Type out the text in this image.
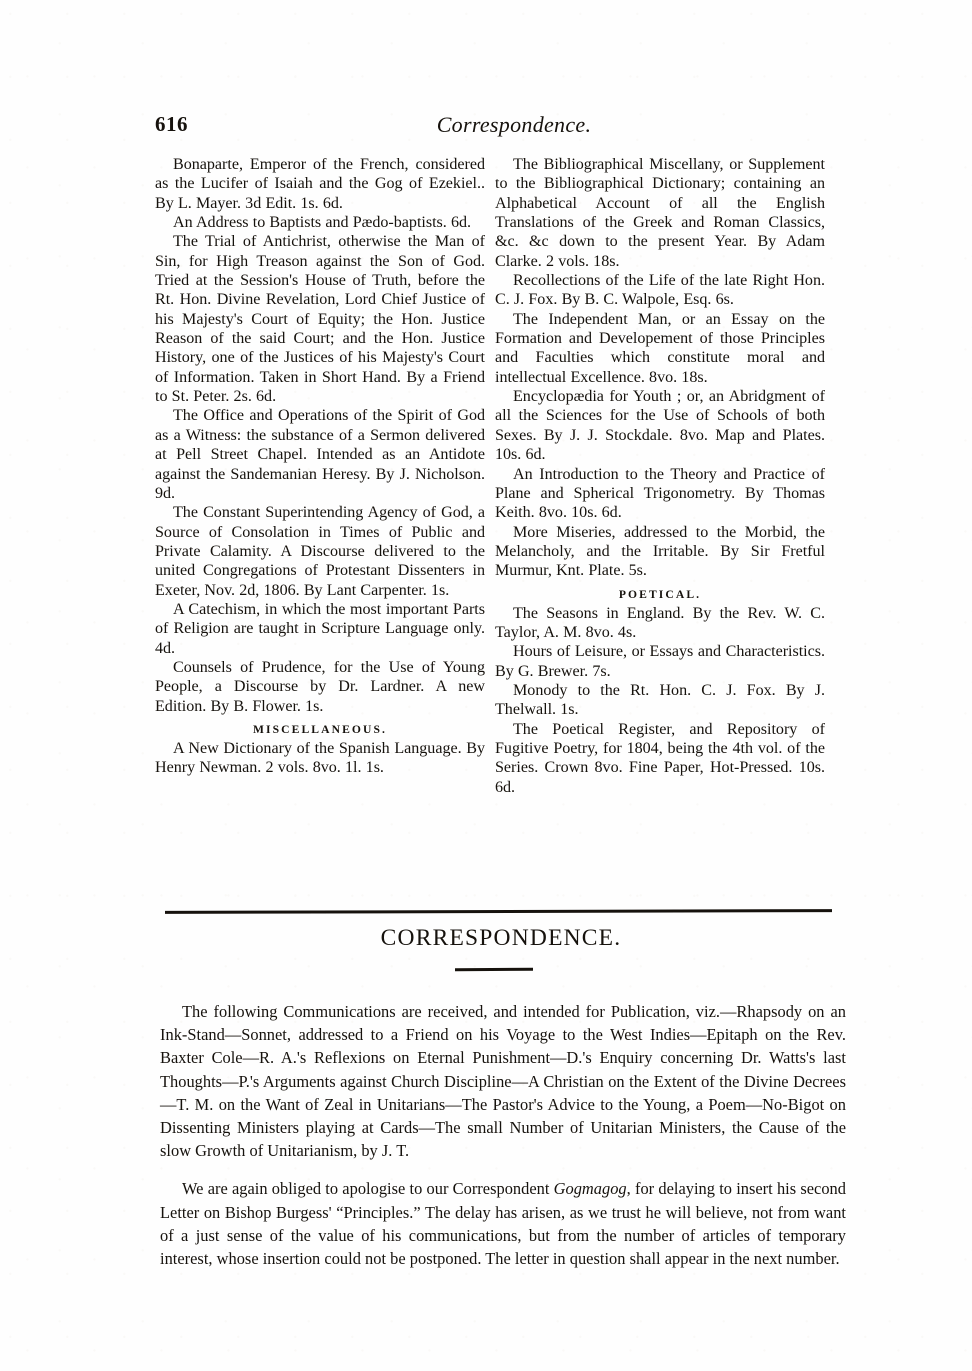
616	Correspondence.

Bonaparte, Emperor of the French, considered as the Lucifer of Isaiah and the Gog of Ezekiel.. By L. Mayer. 3d Edit. 1s. 6d.

An Address to Baptists and Pædo-baptists. 6d.

The Trial of Antichrist, otherwise the Man of Sin, for High Treason against the Son of God. Tried at the Session's House of Truth, before the Rt. Hon. Divine Revelation, Lord Chief Justice of his Majesty's Court of Equity; the Hon. Justice Reason of the said Court; and the Hon. Justice History, one of the Justices of his Majesty's Court of Information. Taken in Short Hand. By a Friend to St. Peter. 2s. 6d.

The Office and Operations of the Spirit of God as a Witness: the substance of a Sermon delivered at Pell Street Chapel. Intended as an Antidote against the Sandemanian Heresy. By J. Nicholson. 9d.

The Constant Superintending Agency of God, a Source of Consolation in Times of Public and Private Calamity. A Discourse delivered to the united Congregations of Protestant Dissenters in Exeter, Nov. 2d, 1806. By Lant Carpenter. 1s.

A Catechism, in which the most important Parts of Religion are taught in Scripture Language only. 4d.

Counsels of Prudence, for the Use of Young People, a Discourse by Dr. Lardner. A new Edition. By B. Flower. 1s.

MISCELLANEOUS.

A New Dictionary of the Spanish Language. By Henry Newman. 2 vols. 8vo. 1l. 1s.

The Bibliographical Miscellany, or Supplement to the Bibliographical Dictionary; containing an Alphabetical Account of all the English Translations of the Greek and Roman Classics, &c. &c down to the present Year. By Adam Clarke. 2 vols. 18s.

Recollections of the Life of the late Right Hon. C. J. Fox. By B. C. Walpole, Esq. 6s.

The Independent Man, or an Essay on the Formation and Developement of those Principles and Faculties which constitute moral and intellectual Excellence. 8vo. 18s.

Encyclopædia for Youth ; or, an Abridgment of all the Sciences for the Use of Schools of both Sexes. By J. J. Stockdale. 8vo. Map and Plates. 10s. 6d.

An Introduction to the Theory and Practice of Plane and Spherical Trigonometry. By Thomas Keith. 8vo. 10s. 6d.

More Miseries, addressed to the Morbid, the Melancholy, and the Irritable. By Sir Fretful Murmur, Knt. Plate. 5s.

POETICAL.

The Seasons in England. By the Rev. W. C. Taylor, A. M. 8vo. 4s.

Hours of Leisure, or Essays and Characteristics. By G. Brewer. 7s.

Monody to the Rt. Hon. C. J. Fox. By J. Thelwall. 1s.

The Poetical Register, and Repository of Fugitive Poetry, for 1804, being the 4th vol. of the Series. Crown 8vo. Fine Paper, Hot-Pressed. 10s. 6d.

CORRESPONDENCE.

The following Communications are received, and intended for Publication, viz.—Rhapsody on an Ink-Stand—Sonnet, addressed to a Friend on his Voyage to the West Indies—Epitaph on the Rev. Baxter Cole—R. A.'s Reflexions on Eternal Punishment—D.'s Enquiry concerning Dr. Watts's last Thoughts—P.'s Arguments against Church Discipline—A Christian on the Extent of the Divine Decrees—T. M. on the Want of Zeal in Unitarians—The Pastor's Advice to the Young, a Poem—No-Bigot on Dissenting Ministers playing at Cards—The small Number of Unitarian Ministers, the Cause of the slow Growth of Unitarianism, by J. T.

We are again obliged to apologise to our Correspondent Gogmagog, for delaying to insert his second Letter on Bishop Burgess' “Principles.” The delay has arisen, as we trust he will believe, not from want of a just sense of the value of his communications, but from the number of articles of temporary interest, whose insertion could not be postponed. The letter in question shall appear in the next number.
